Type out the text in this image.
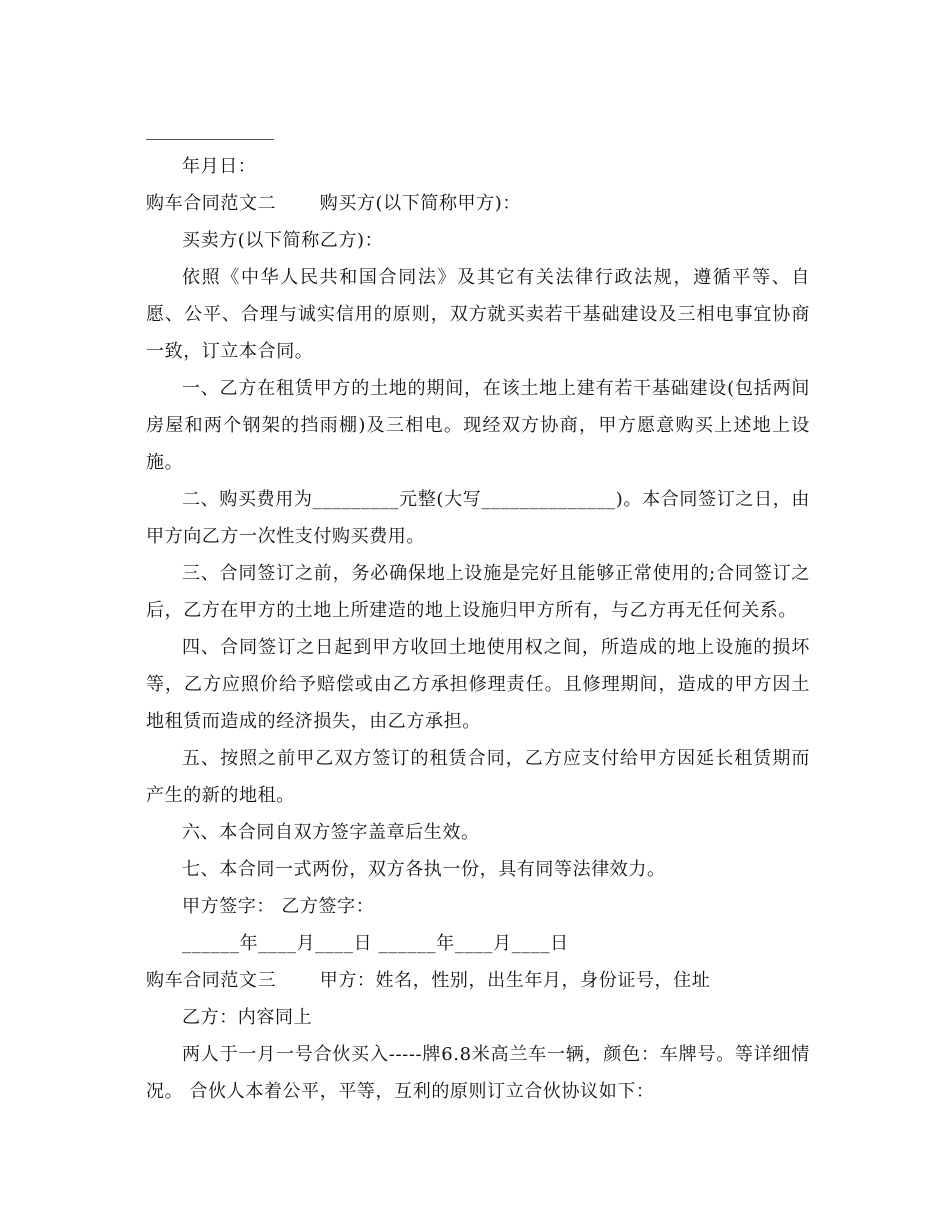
年月日：

购车合同范文二　　 购买方(以下简称甲方)：

买卖方(以下简称乙方)：

依照《中华人民共和国合同法》及其它有关法律行政法规，遵循平等、自愿、公平、合理与诚实信用的原则，双方就买卖若干基础建设及三相电事宜协商一致，订立本合同。

一、乙方在租赁甲方的土地的期间，在该土地上建有若干基础建设(包括两间房屋和两个钢架的挡雨棚)及三相电。现经双方协商，甲方愿意购买上述地上设施。

二、购买费用为_________元整(大写______________)。本合同签订之日，由甲方向乙方一次性支付购买费用。

三、合同签订之前，务必确保地上设施是完好且能够正常使用的;合同签订之后，乙方在甲方的土地上所建造的地上设施归甲方所有，与乙方再无任何关系。

四、合同签订之日起到甲方收回土地使用权之间，所造成的地上设施的损坏等，乙方应照价给予赔偿或由乙方承担修理责任。且修理期间，造成的甲方因土地租赁而造成的经济损失，由乙方承担。

五、按照之前甲乙双方签订的租赁合同，乙方应支付给甲方因延长租赁期而产生的新的地租。

六、本合同自双方签字盖章后生效。

七、本合同一式两份，双方各执一份，具有同等法律效力。

甲方签字： 乙方签字：

______年____月____日 ______年____月____日

购车合同范文三　　 甲方：姓名，性别，出生年月，身份证号，住址

乙方：内容同上

两人于一月一号合伙买入-----牌6.8米高兰车一辆，颜色：车牌号。等详细情况。 合伙人本着公平，平等，互利的原则订立合伙协议如下：
